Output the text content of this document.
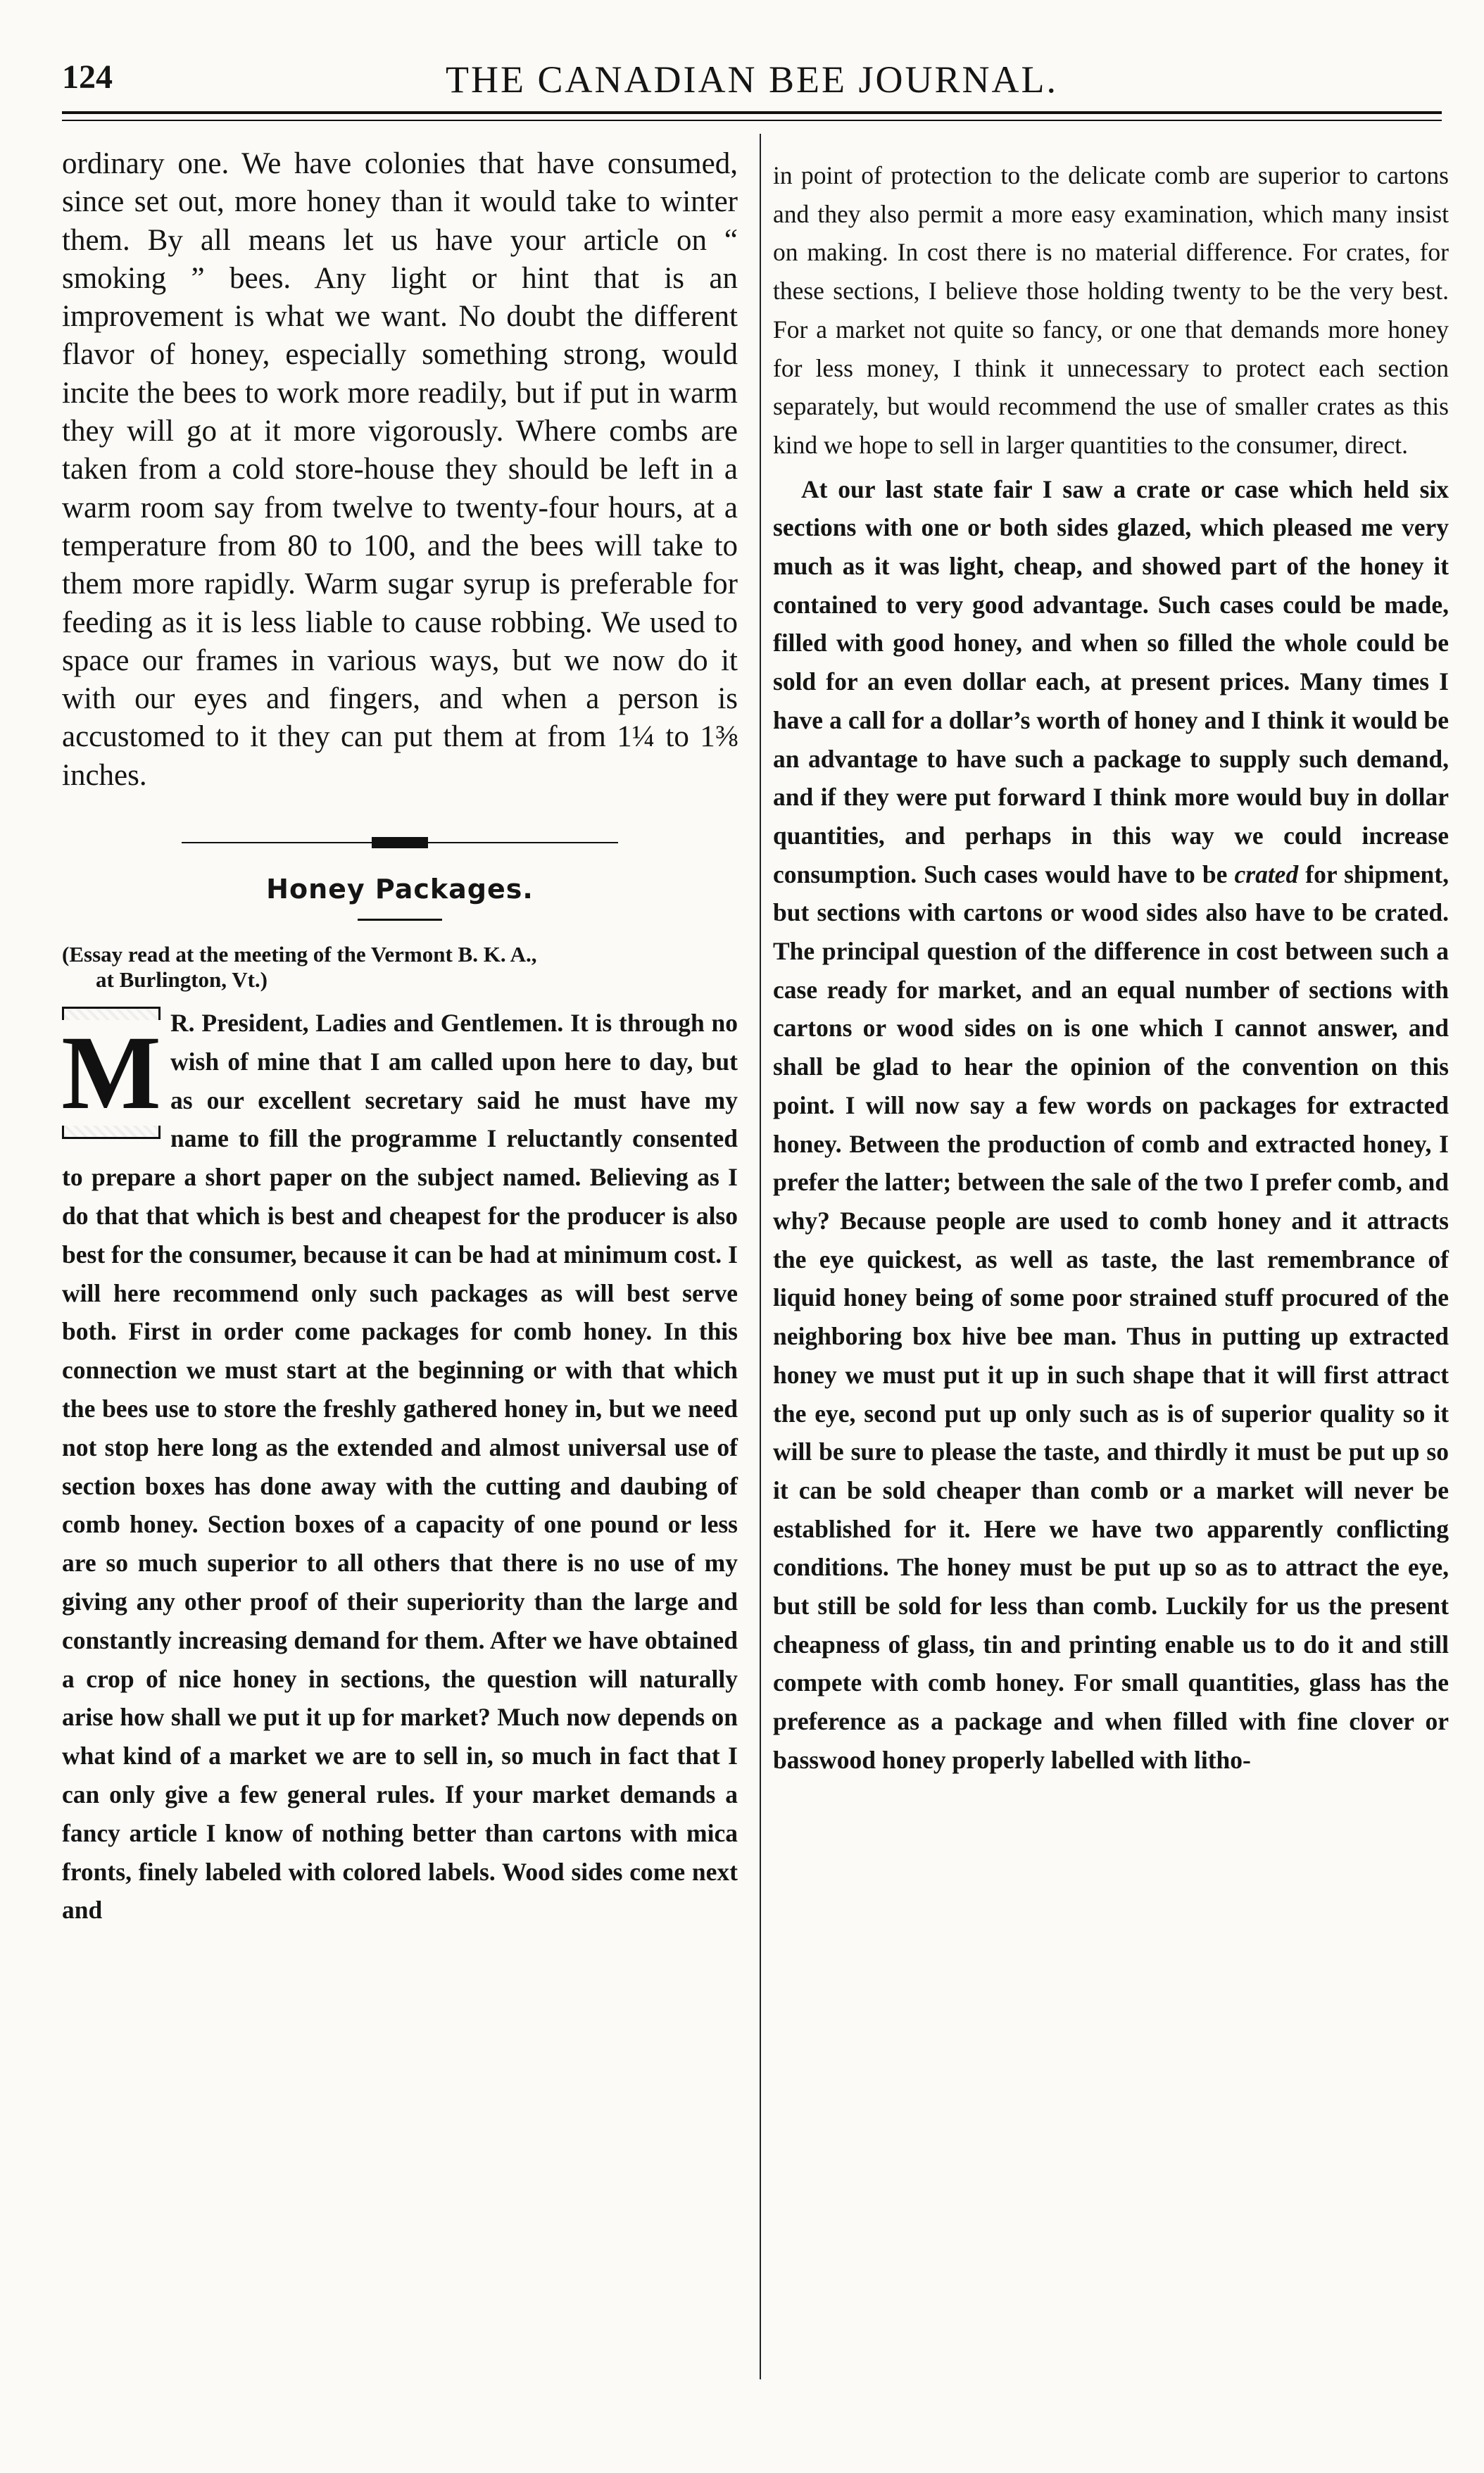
124	THE CANADIAN BEE JOURNAL.

ordinary one. We have colonies that have consumed, since set out, more honey than it would take to winter them. By all means let us have your article on “ smoking ” bees. Any light or hint that is an improvement is what we want. No doubt the different flavor of honey, especially something strong, would incite the bees to work more readily, but if put in warm they will go at it more vigorously. Where combs are taken from a cold store-house they should be left in a warm room say from twelve to twenty-four hours, at a temperature from 80 to 100, and the bees will take to them more rapidly. Warm sugar syrup is preferable for feeding as it is less liable to cause robbing. We used to space our frames in various ways, but we now do it with our eyes and fingers, and when a person is accustomed to it they can put them at from 1¼ to 1⅜ inches.

Honey Packages.

(Essay read at the meeting of the Vermont B. K. A.,
at Burlington, Vt.)

M R. President, Ladies and Gentlemen. It is through no wish of mine that I am called upon here to day, but as our excellent secretary said he must have my name to fill the programme I reluctantly consented to prepare a short paper on the subject named. Believing as I do that that which is best and cheapest for the producer is also best for the consumer, because it can be had at minimum cost. I will here recommend only such packages as will best serve both. First in order come packages for comb honey. In this connection we must start at the beginning or with that which the bees use to store the freshly gathered honey in, but we need not stop here long as the extended and almost universal use of section boxes has done away with the cutting and daubing of comb honey. Section boxes of a capacity of one pound or less are so much superior to all others that there is no use of my giving any other proof of their superiority than the large and constantly increasing demand for them. After we have obtained a crop of nice honey in sections, the question will naturally arise how shall we put it up for market? Much now depends on what kind of a market we are to sell in, so much in fact that I can only give a few general rules. If your market demands a fancy article I know of nothing better than cartons with mica fronts, finely labeled with colored labels. Wood sides come next and

in point of protection to the delicate comb are superior to cartons and they also permit a more easy examination, which many insist on making. In cost there is no material difference. For crates, for these sections, I believe those holding twenty to be the very best. For a market not quite so fancy, or one that demands more honey for less money, I think it unnecessary to protect each section separately, but would recommend the use of smaller crates as this kind we hope to sell in larger quantities to the consumer, direct.

At our last state fair I saw a crate or case which held six sections with one or both sides glazed, which pleased me very much as it was light, cheap, and showed part of the honey it contained to very good advantage. Such cases could be made, filled with good honey, and when so filled the whole could be sold for an even dollar each, at present prices. Many times I have a call for a dollar’s worth of honey and I think it would be an advantage to have such a package to supply such demand, and if they were put forward I think more would buy in dollar quantities, and perhaps in this way we could increase consumption. Such cases would have to be crated for shipment, but sections with cartons or wood sides also have to be crated. The principal question of the difference in cost between such a case ready for market, and an equal number of sections with cartons or wood sides on is one which I cannot answer, and shall be glad to hear the opinion of the convention on this point. I will now say a few words on packages for extracted honey. Between the production of comb and extracted honey, I prefer the latter; between the sale of the two I prefer comb, and why? Because people are used to comb honey and it attracts the eye quickest, as well as taste, the last remembrance of liquid honey being of some poor strained stuff procured of the neighboring box hive bee man. Thus in putting up extracted honey we must put it up in such shape that it will first attract the eye, second put up only such as is of superior quality so it will be sure to please the taste, and thirdly it must be put up so it can be sold cheaper than comb or a market will never be established for it. Here we have two apparently conflicting conditions. The honey must be put up so as to attract the eye, but still be sold for less than comb. Luckily for us the present cheapness of glass, tin and printing enable us to do it and still compete with comb honey. For small quantities, glass has the preference as a package and when filled with fine clover or basswood honey properly labelled with litho-
